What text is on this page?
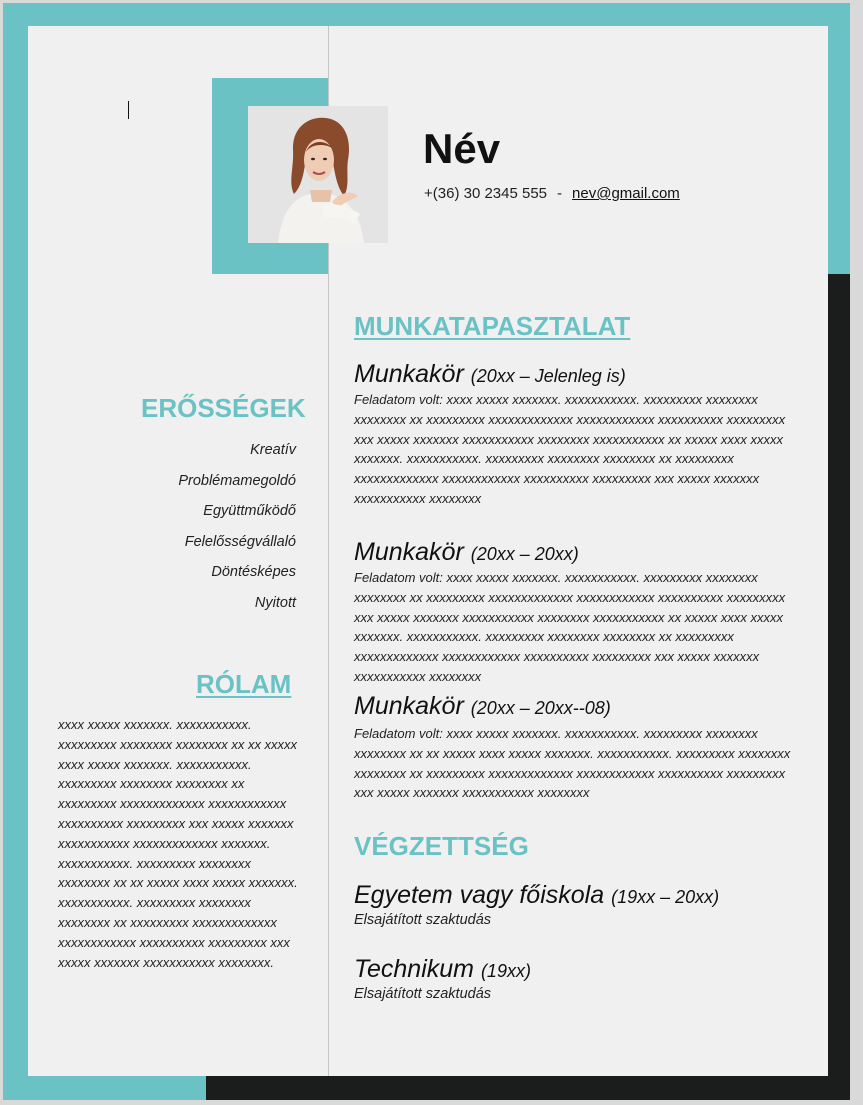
Név
+(36) 30 2345 555 - nev@gmail.com
ERŐSSÉGEK
Kreatív
Problémamegoldó
Együttműködő
Felelősségvállaló
Döntésképes
Nyitott
RÓLAM
xxxx xxxxx xxxxxxx. xxxxxxxxxxx. xxxxxxxxx xxxxxxxx xxxxxxxx xx xx xxxxx xxxx xxxxx xxxxxxx. xxxxxxxxxxx. xxxxxxxxx xxxxxxxx xxxxxxxx xx xxxxxxxxx xxxxxxxxxxxxx xxxxxxxxxxxx xxxxxxxxxx xxxxxxxxx xxx xxxxx xxxxxxx xxxxxxxxxxx xxxxxxxxxxxxx xxxxxxx. xxxxxxxxxxx. xxxxxxxxx xxxxxxxx xxxxxxxx xx xx xxxxx xxxx xxxxx xxxxxxx. xxxxxxxxxxx. xxxxxxxxx xxxxxxxx xxxxxxxx xx xxxxxxxxx xxxxxxxxxxxxx xxxxxxxxxxxx xxxxxxxxxx xxxxxxxxx xxx xxxxx xxxxxxx xxxxxxxxxxx xxxxxxxx.
MUNKATAPASZTALAT
Munkakör (20xx – Jelenleg is)
Feladatom volt: xxxx xxxxx xxxxxxx. xxxxxxxxxxx. xxxxxxxxx xxxxxxxx xxxxxxxx xx xxxxxxxxx xxxxxxxxxxxxx xxxxxxxxxxxx xxxxxxxxxx xxxxxxxxx xxx xxxxx xxxxxxx xxxxxxxxxxx xxxxxxxx xxxxxxxxxxx xx xxxxx xxxx xxxxx xxxxxxx. xxxxxxxxxxx. xxxxxxxxx xxxxxxxx xxxxxxxx xx xxxxxxxxx xxxxxxxxxxxxx xxxxxxxxxxxx xxxxxxxxxx xxxxxxxxx xxx xxxxx xxxxxxx xxxxxxxxxxx xxxxxxxx
Munkakör (20xx – 20xx)
Feladatom volt: xxxx xxxxx xxxxxxx. xxxxxxxxxxx. xxxxxxxxx xxxxxxxx xxxxxxxx xx xxxxxxxxx xxxxxxxxxxxxx xxxxxxxxxxxx xxxxxxxxxx xxxxxxxxx xxx xxxxx xxxxxxx xxxxxxxxxxx xxxxxxxx xxxxxxxxxxx xx xxxxx xxxx xxxxx xxxxxxx. xxxxxxxxxxx. xxxxxxxxx xxxxxxxx xxxxxxxx xx xxxxxxxxx xxxxxxxxxxxxx xxxxxxxxxxxx xxxxxxxxxx xxxxxxxxx xxx xxxxx xxxxxxx xxxxxxxxxxx xxxxxxxx
Munkakör (20xx – 20xx--08)
Feladatom volt: xxxx xxxxx xxxxxxx. xxxxxxxxxxx. xxxxxxxxx xxxxxxxx xxxxxxxx xx xx xxxxx xxxx xxxxx xxxxxxx. xxxxxxxxxxx. xxxxxxxxx xxxxxxxx xxxxxxxx xx xxxxxxxxx xxxxxxxxxxxxx xxxxxxxxxxxx xxxxxxxxxx xxxxxxxxx xxx xxxxx xxxxxxx xxxxxxxxxxx xxxxxxxx
VÉGZETTSÉG
Egyetem vagy főiskola (19xx – 20xx)
Elsajátított szaktudás
Technikum (19xx)
Elsajátított szaktudás
